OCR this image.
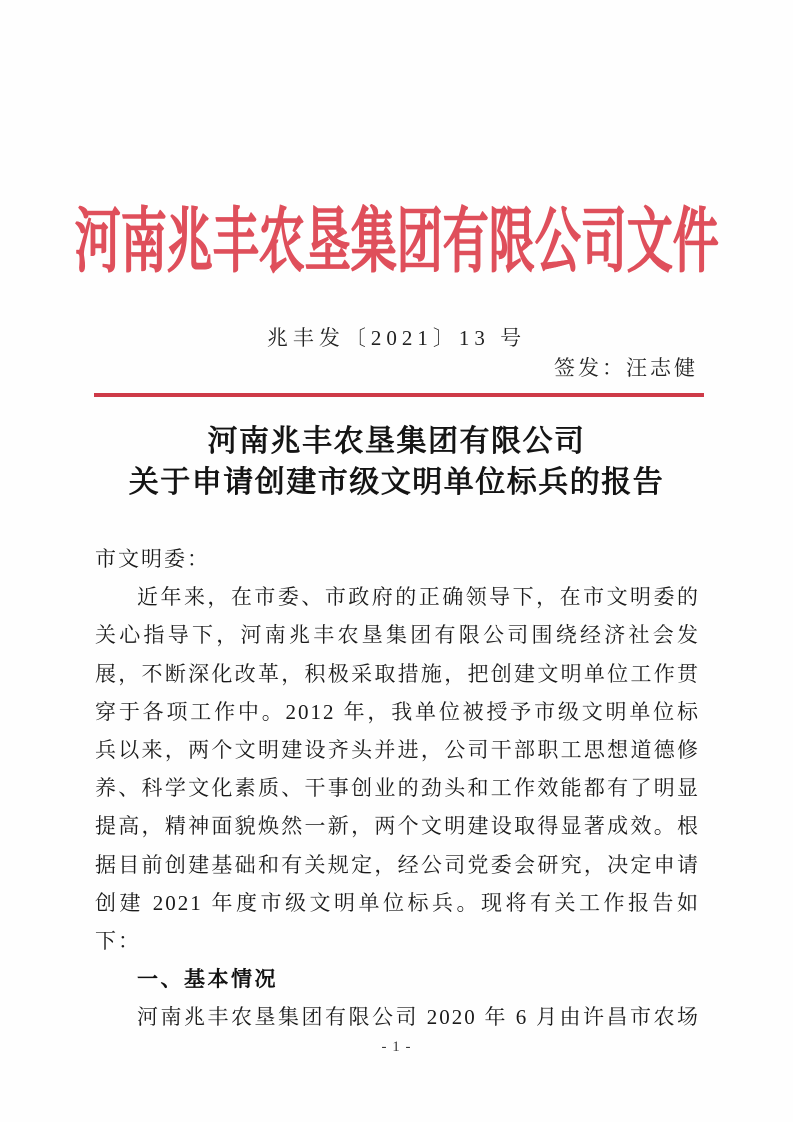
河南兆丰农垦集团有限公司文件
兆丰发〔2021〕13 号
签发：汪志健
河南兆丰农垦集团有限公司
关于申请创建市级文明单位标兵的报告
市文明委：
近年来，在市委、市政府的正确领导下，在市文明委的关心指导下，河南兆丰农垦集团有限公司围绕经济社会发展，不断深化改革，积极采取措施，把创建文明单位工作贯穿于各项工作中。2012 年，我单位被授予市级文明单位标兵以来，两个文明建设齐头并进，公司干部职工思想道德修养、科学文化素质、干事创业的劲头和工作效能都有了明显提高，精神面貌焕然一新，两个文明建设取得显著成效。根据目前创建基础和有关规定，经公司党委会研究，决定申请创建 2021 年度市级文明单位标兵。现将有关工作报告如下：
一、基本情况
河南兆丰农垦集团有限公司 2020 年 6 月由许昌市农场
- 1 -
